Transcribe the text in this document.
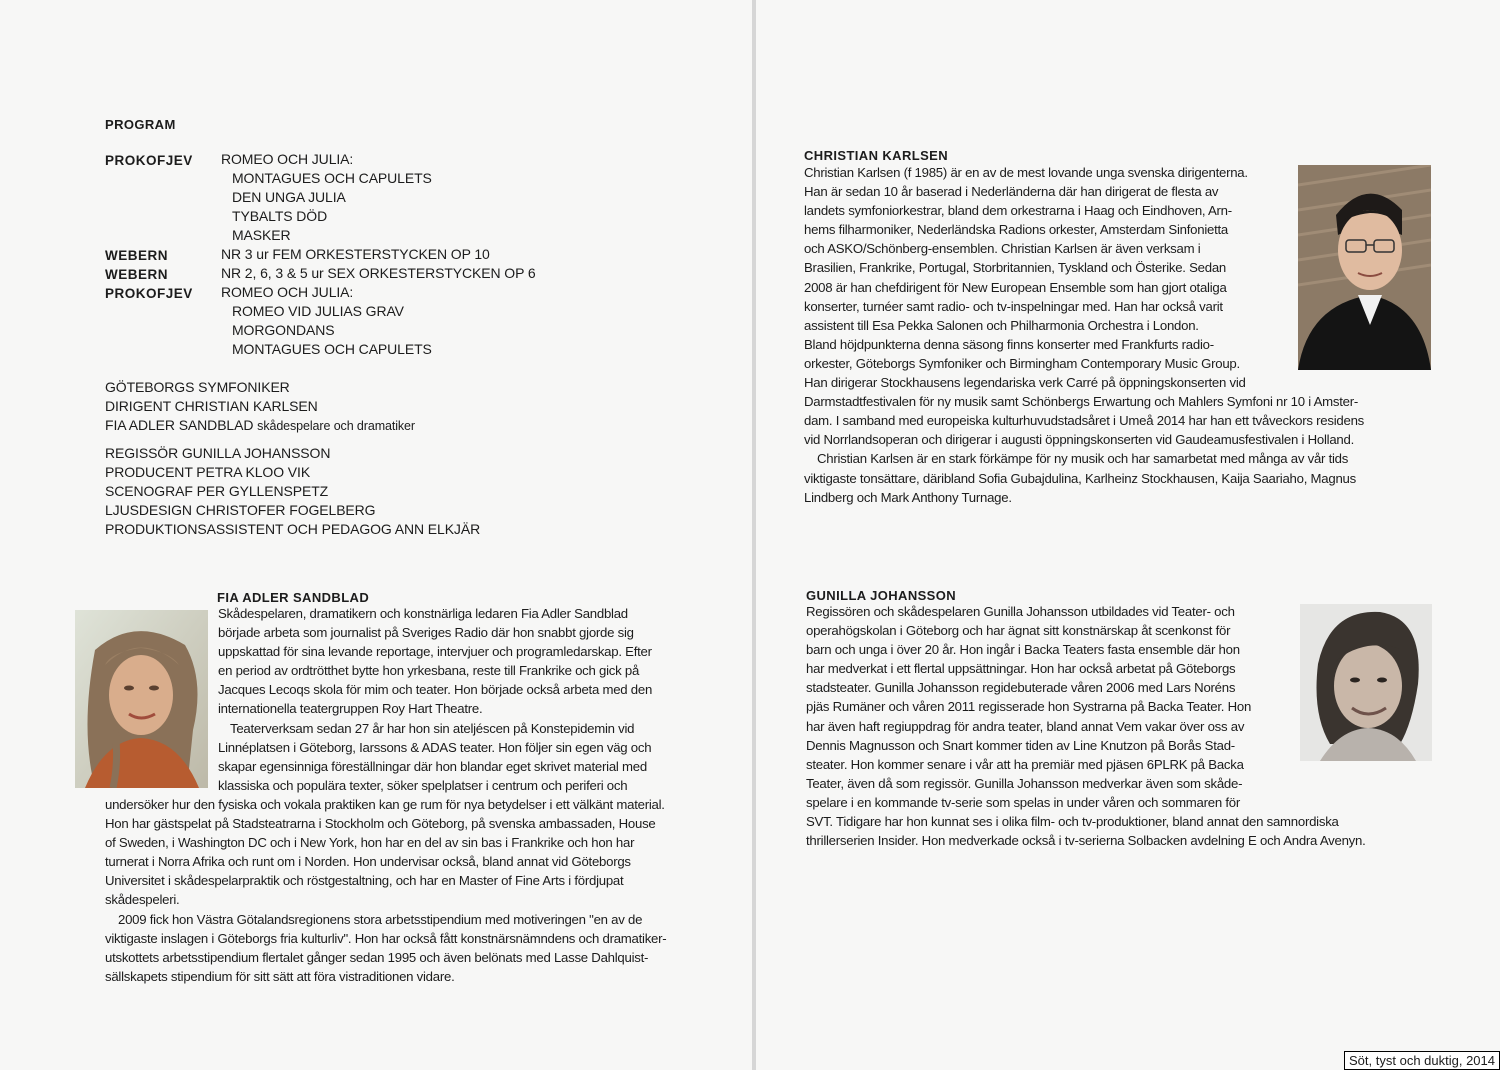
PROGRAM
PROKOFJEV ROMEO OCH JULIA:
MONTAGUES OCH CAPULETS
DEN UNGA JULIA
TYBALTS DÖD
MASKER
WEBERN	NR 3 ur FEM ORKESTERSTYCKEN OP 10
WEBERN	NR 2, 6, 3 & 5 ur SEX ORKESTERSTYCKEN OP 6
PROKOFJEV ROMEO OCH JULIA:
ROMEO VID JULIAS GRAV
MORGONDANS
MONTAGUES OCH CAPULETS
GÖTEBORGS SYMFONIKER
DIRIGENT CHRISTIAN KARLSEN
FIA ADLER SANDBLAD skådespelare och dramatiker
REGISSÖR GUNILLA JOHANSSON
PRODUCENT PETRA KLOO VIK
SCENOGRAF PER GYLLENSPETZ
LJUSDESIGN CHRISTOFER FOGELBERG
PRODUKTIONSASSISTENT OCH PEDAGOG ANN ELKJÄR
FIA ADLER SANDBLAD

Skådespelaren, dramatikern och konstnärliga ledaren Fia Adler Sandblad

började arbeta som journalist på Sveriges Radio där hon snabbt gjorde sig

uppskattad för sina levande reportage, intervjuer och programledarskap. Efter

en period av ordtrötthet bytte hon yrkesbana, reste till Frankrike och gick på

Jacques Lecoqs skola för mim och teater. Hon började också arbeta med den

internationella teatergruppen Roy Hart Theatre.

Teaterverksam sedan 27 år har hon sin ateljéscen på Konstepidemin vid

Linnéplatsen i Göteborg, Iarssons & ADAS teater. Hon följer sin egen väg och

skapar egensinniga föreställningar där hon blandar eget skrivet material med

klassiska och populära texter, söker spelplatser i centrum och periferi och

undersöker hur den fysiska och vokala praktiken kan ge rum för nya betydelser i ett välkänt material.

Hon har gästspelat på Stadsteatrarna i Stockholm och Göteborg, på svenska ambassaden, House

of Sweden, i Washington DC och i New York, hon har en del av sin bas i Frankrike och hon har

turnerat i Norra Afrika och runt om i Norden. Hon undervisar också, bland annat vid Göteborgs

Universitet i skådespelarpraktik och röstgestaltning, och har en Master of Fine Arts i fördjupat

skådespeleri.

2009 fick hon Västra Götalandsregionens stora arbetsstipendium med motiveringen "en av de

viktigaste inslagen i Göteborgs fria kulturliv". Hon har också fått konstnärsnämndens och dramatiker-

utskottets arbetsstipendium flertalet gånger sedan 1995 och även belönats med Lasse Dahlquist-

sällskapets stipendium för sitt sätt att föra vistraditionen vidare.

CHRISTIAN KARLSEN

Christian Karlsen (f 1985) är en av de mest lovande unga svenska dirigenterna.

Han är sedan 10 år baserad i Nederländerna där han dirigerat de flesta av

landets symfoniorkestrar, bland dem orkestrarna i Haag och Eindhoven, Arn-

hems filharmoniker, Nederländska Radions orkester, Amsterdam Sinfonietta

och ASKO/Schönberg-ensemblen. Christian Karlsen är även verksam i

Brasilien, Frankrike, Portugal, Storbritannien, Tyskland och Österike. Sedan

2008 är han chefdirigent för New European Ensemble som han gjort otaliga

konserter, turnéer samt radio- och tv-inspelningar med. Han har också varit

assistent till Esa Pekka Salonen och Philharmonia Orchestra i London.

Bland höjdpunkterna denna säsong finns konserter med Frankfurts radio-

orkester, Göteborgs Symfoniker och Birmingham Contemporary Music Group.

Han dirigerar Stockhausens legendariska verk Carré på öppningskonserten vid

Darmstadtfestivalen för ny musik samt Schönbergs Erwartung och Mahlers Symfoni nr 10 i Amster-

dam. I samband med europeiska kulturhuvudstadsåret i Umeå 2014 har han ett tvåveckors residens

vid Norrlandsoperan och dirigerar i augusti öppningskonserten vid Gaudeamusfestivalen i Holland.

Christian Karlsen är en stark förkämpe för ny musik och har samarbetat med många av vår tids

viktigaste tonsättare, däribland Sofia Gubajdulina, Karlheinz Stockhausen, Kaija Saariaho, Magnus

Lindberg och Mark Anthony Turnage.

GUNILLA JOHANSSON

Regissören och skådespelaren Gunilla Johansson utbildades vid Teater- och

operahögskolan i Göteborg och har ägnat sitt konstnärskap åt scenkonst för

barn och unga i över 20 år. Hon ingår i Backa Teaters fasta ensemble där hon

har medverkat i ett flertal uppsättningar. Hon har också arbetat på Göteborgs

stadsteater. Gunilla Johansson regidebuterade våren 2006 med Lars Noréns

pjäs Rumäner och våren 2011 regisserade hon Systrarna på Backa Teater. Hon

har även haft regiuppdrag för andra teater, bland annat Vem vakar över oss av

Dennis Magnusson och Snart kommer tiden av Line Knutzon på Borås Stad-

steater. Hon kommer senare i vår att ha premiär med pjäsen 6PLRK på Backa

Teater, även då som regissör. Gunilla Johansson medverkar även som skåde-

spelare i en kommande tv-serie som spelas in under våren och sommaren för

SVT. Tidigare har hon kunnat ses i olika film- och tv-produktioner, bland annat den samnordiska

thrillerserien Insider. Hon medverkade också i tv-serierna Solbacken avdelning E och Andra Avenyn.

Söt, tyst och duktig, 2014
